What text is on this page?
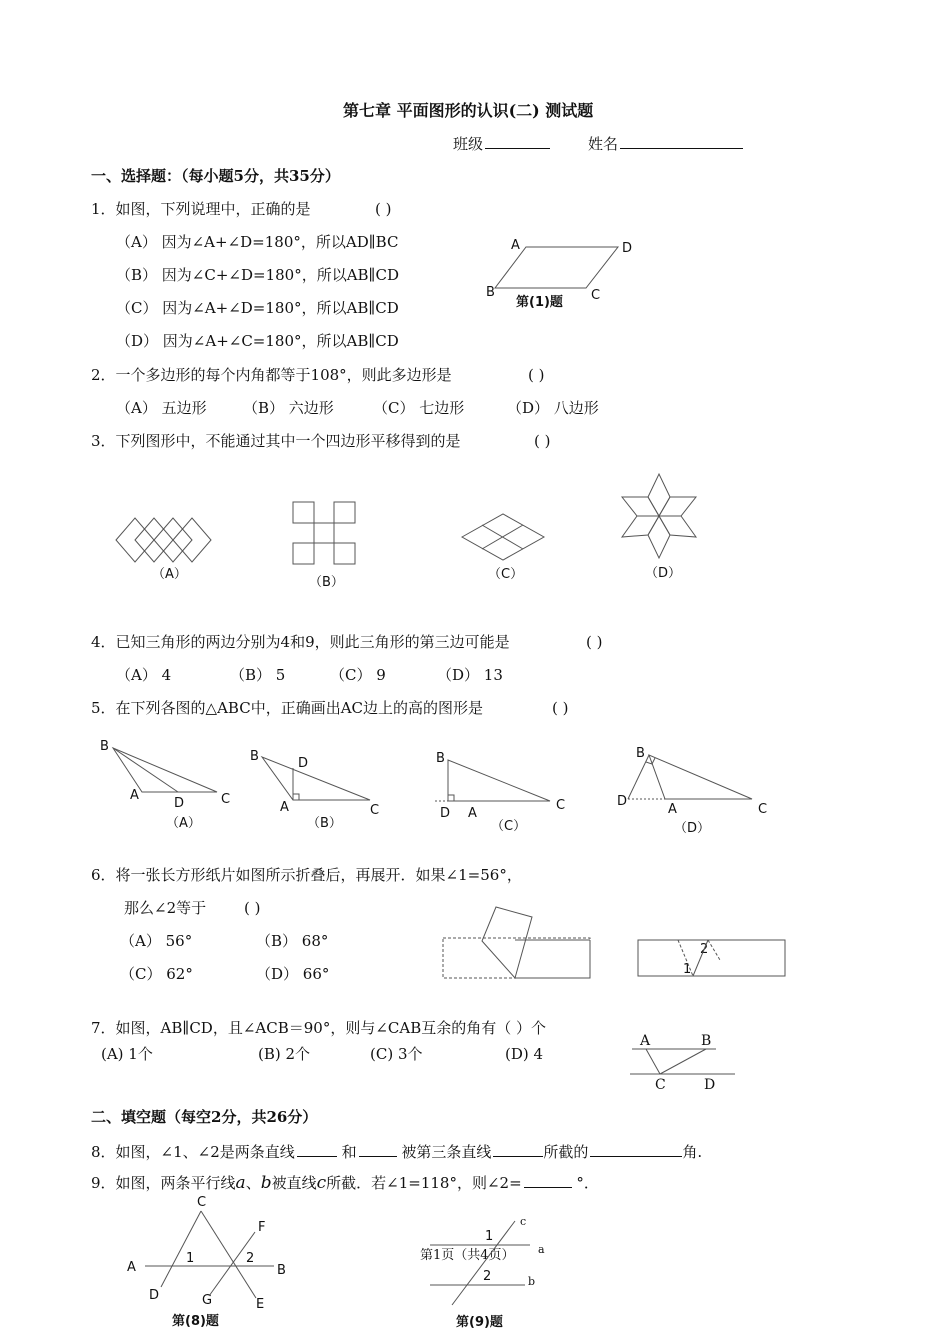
第七章 平面图形的认识(二) 测试题
班级	姓名
一、选择题：（每小题5分，共35分）
1．如图，下列说理中，正确的是	( )
（A） 因为∠A+∠D=180°，所以AD∥BC
（B） 因为∠C+∠D=180°，所以AB∥CD
（C） 因为∠A+∠D=180°，所以AB∥CD
（D） 因为∠A+∠C=180°，所以AB∥CD
2．一个多边形的每个内角都等于108°，则此多边形是	( )
（A） 五边形 （B） 六边形	（C） 七边形	（D） 八边形
3．下列图形中，不能通过其中一个四边形平移得到的是	( )
（A）
（B）
（C）	（D）
4．已知三角形的两边分别为4和9，则此三角形的第三边可能是	( )
（A） 4	（B） 5	（C） 9	（D） 13
5．在下列各图的△ABC中，正确画出AC边上的高的图形是	( )
（A）	（B）	（C）	（D）
B
A
D	C
B	D
A	C
B
D A
C
B
D
A	C
6．将一张长方形纸片如图所示折叠后，再展开．如果∠1=56°，
那么∠2等于	( )
（A） 56°	（B） 68°
（C） 62°	（D） 66°
2
1
7．如图，AB∥CD，且∠ACB＝90°，则与∠CAB互余的角有（ ）个
(A) 1个	(B) 2个	(C) 3个	(D) 4
A	B
C	D
二、填空题（每空2分，共26分）
8．如图，∠1、∠2是两条直线	和	被第三条直线	所截的	角.
9．如图，两条平行线a、b被直线c所截．若∠1=118°，则∠2=	°．
A	D
B	C
第(1)题
C
F
1	2
A	B
D	G	E
第(8)题
c
1
a
2	b
第(9)题
第1页（共4页）
